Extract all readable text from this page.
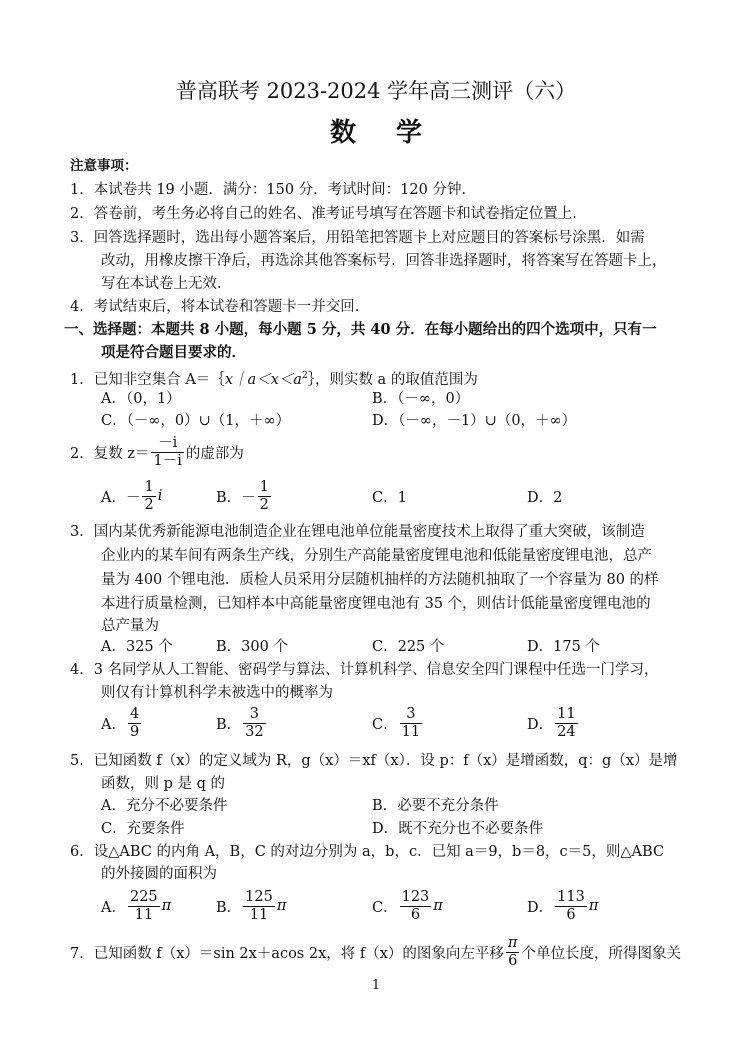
普高联考 2023-2024 学年高三测评（六）
数学
注意事项：
1．本试卷共 19 小题．满分：150 分．考试时间：120 分钟．
2．答卷前，考生务必将自己的姓名、准考证号填写在答题卡和试卷指定位置上．
3．回答选择题时，选出每小题答案后，用铅笔把答题卡上对应题目的答案标号涂黑．如需
改动，用橡皮擦干净后，再选涂其他答案标号．回答非选择题时，将答案写在答题卡上，
写在本试卷上无效．
4．考试结束后，将本试卷和答题卡一并交回．
一、选择题：本题共 8 小题，每小题 5 分，共 40 分．在每小题给出的四个选项中，只有一
项是符合题目要求的．
1．已知非空集合 $A=\{x|a<x<a^2\}$，则实数 a 的取值范围为
A．（0，1）	B．（－∞，0）
C．（－∞，0）∪（1，＋∞）	D．（－∞，－1）∪（0，＋∞）
2．复数 $z= \frac{-i}{1-i}$ 的虚部为
A．－ $\frac{1}{2}$ i	B．－ $\frac{1}{2}$	C．1	D．2
3．国内某优秀新能源电池制造企业在锂电池单位能量密度技术上取得了重大突破，该制造
企业内的某车间有两条生产线，分别生产高能量密度锂电池和低能量密度锂电池，总产
量为 400 个锂电池．质检人员采用分层随机抽样的方法随机抽取了一个容量为 80 的样
本进行质量检测，已知样本中高能量密度锂电池有 35 个，则估计低能量密度锂电池的
总产量为
A．325 个	B．300 个	C．225 个	D．175 个
4．3 名同学从人工智能、密码学与算法、计算机科学、信息安全四门课程中任选一门学习，
则仅有计算机科学未被选中的概率为
A． $\frac{4}{9}$	B． $\frac{3}{32}$	C． $\frac{3}{11}$	D． $\frac{11}{24}$
5．已知函数 f（x）的定义域为 R，g（x）＝xf（x）．设 p：f（x）是增函数，q：g（x）是增
函数，则 p 是 q 的
A．充分不必要条件	B．必要不充分条件
C．充要条件	D．既不充分也不必要条件
6．设△ABC 的内角 A，B，C 的对边分别为 a，b，c．已知 a＝9，b＝8，c＝5，则△ABC
的外接圆的面积为
A． $\frac{225}{11}$ π	B． $\frac{125}{11}$ π	C． $\frac{123}{6}$ π	D． $\frac{113}{6}$ π
7．已知函数 f（x）＝sin 2x＋acos 2x，将 f（x）的图象向左平移 $\frac{\pi}{6}$ 个单位长度，所得图象关
1
